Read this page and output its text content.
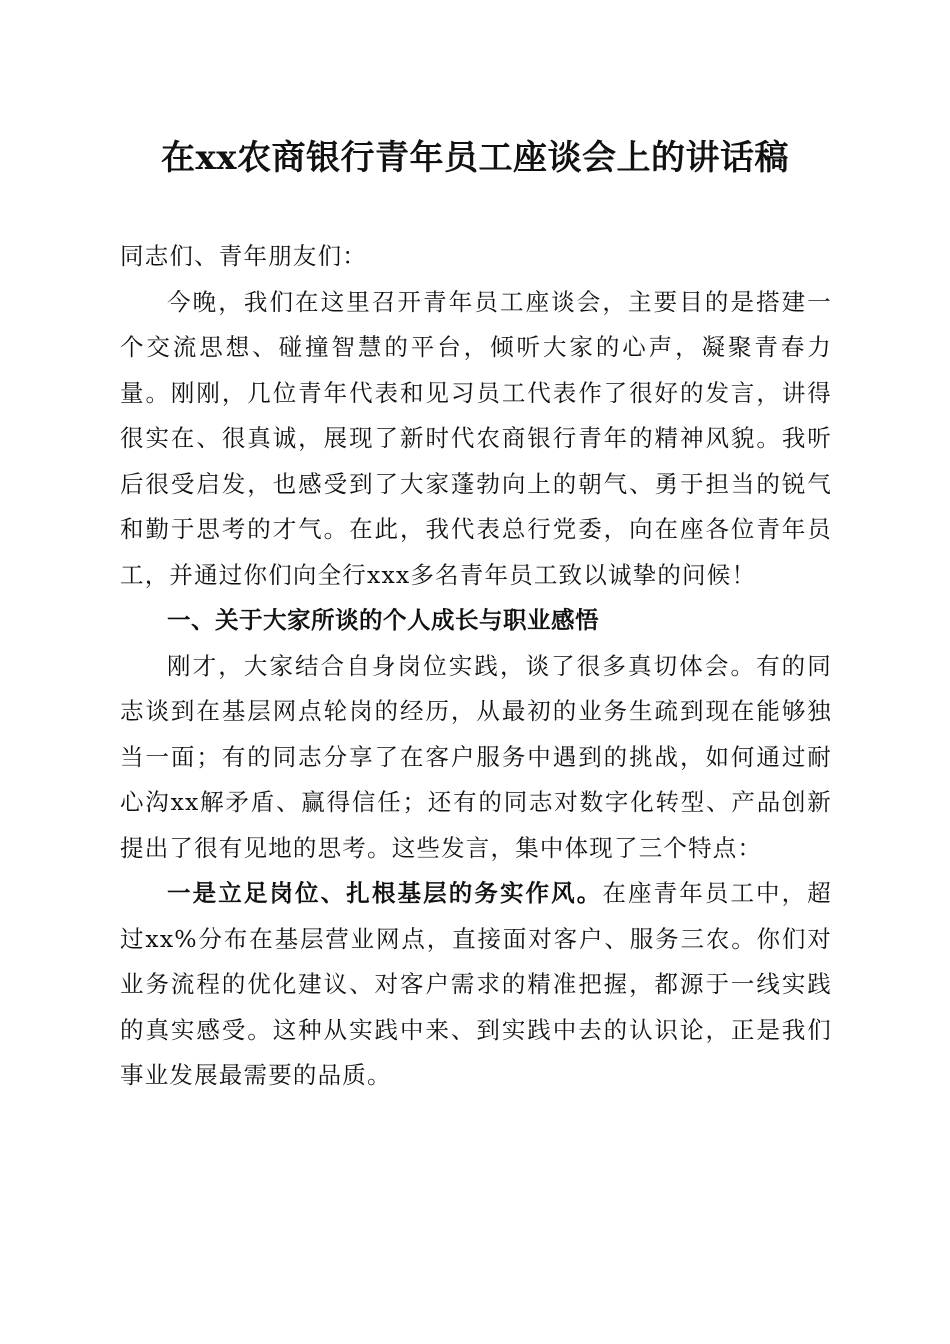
在xx农商银行青年员工座谈会上的讲话稿

同志们、青年朋友们：

今晚，我们在这里召开青年员工座谈会，主要目的是搭建一个交流思想、碰撞智慧的平台，倾听大家的心声，凝聚青春力量。刚刚，几位青年代表和见习员工代表作了很好的发言，讲得很实在、很真诚，展现了新时代农商银行青年的精神风貌。我听后很受启发，也感受到了大家蓬勃向上的朝气、勇于担当的锐气和勤于思考的才气。在此，我代表总行党委，向在座各位青年员工，并通过你们向全行xxx多名青年员工致以诚挚的问候！

一、关于大家所谈的个人成长与职业感悟

刚才，大家结合自身岗位实践，谈了很多真切体会。有的同志谈到在基层网点轮岗的经历，从最初的业务生疏到现在能够独当一面；有的同志分享了在客户服务中遇到的挑战，如何通过耐心沟xx解矛盾、赢得信任；还有的同志对数字化转型、产品创新提出了很有见地的思考。这些发言，集中体现了三个特点：

一是立足岗位、扎根基层的务实作风。在座青年员工中，超过xx%分布在基层营业网点，直接面对客户、服务三农。你们对业务流程的优化建议、对客户需求的精准把握，都源于一线实践的真实感受。这种从实践中来、到实践中去的认识论，正是我们事业发展最需要的品质。
